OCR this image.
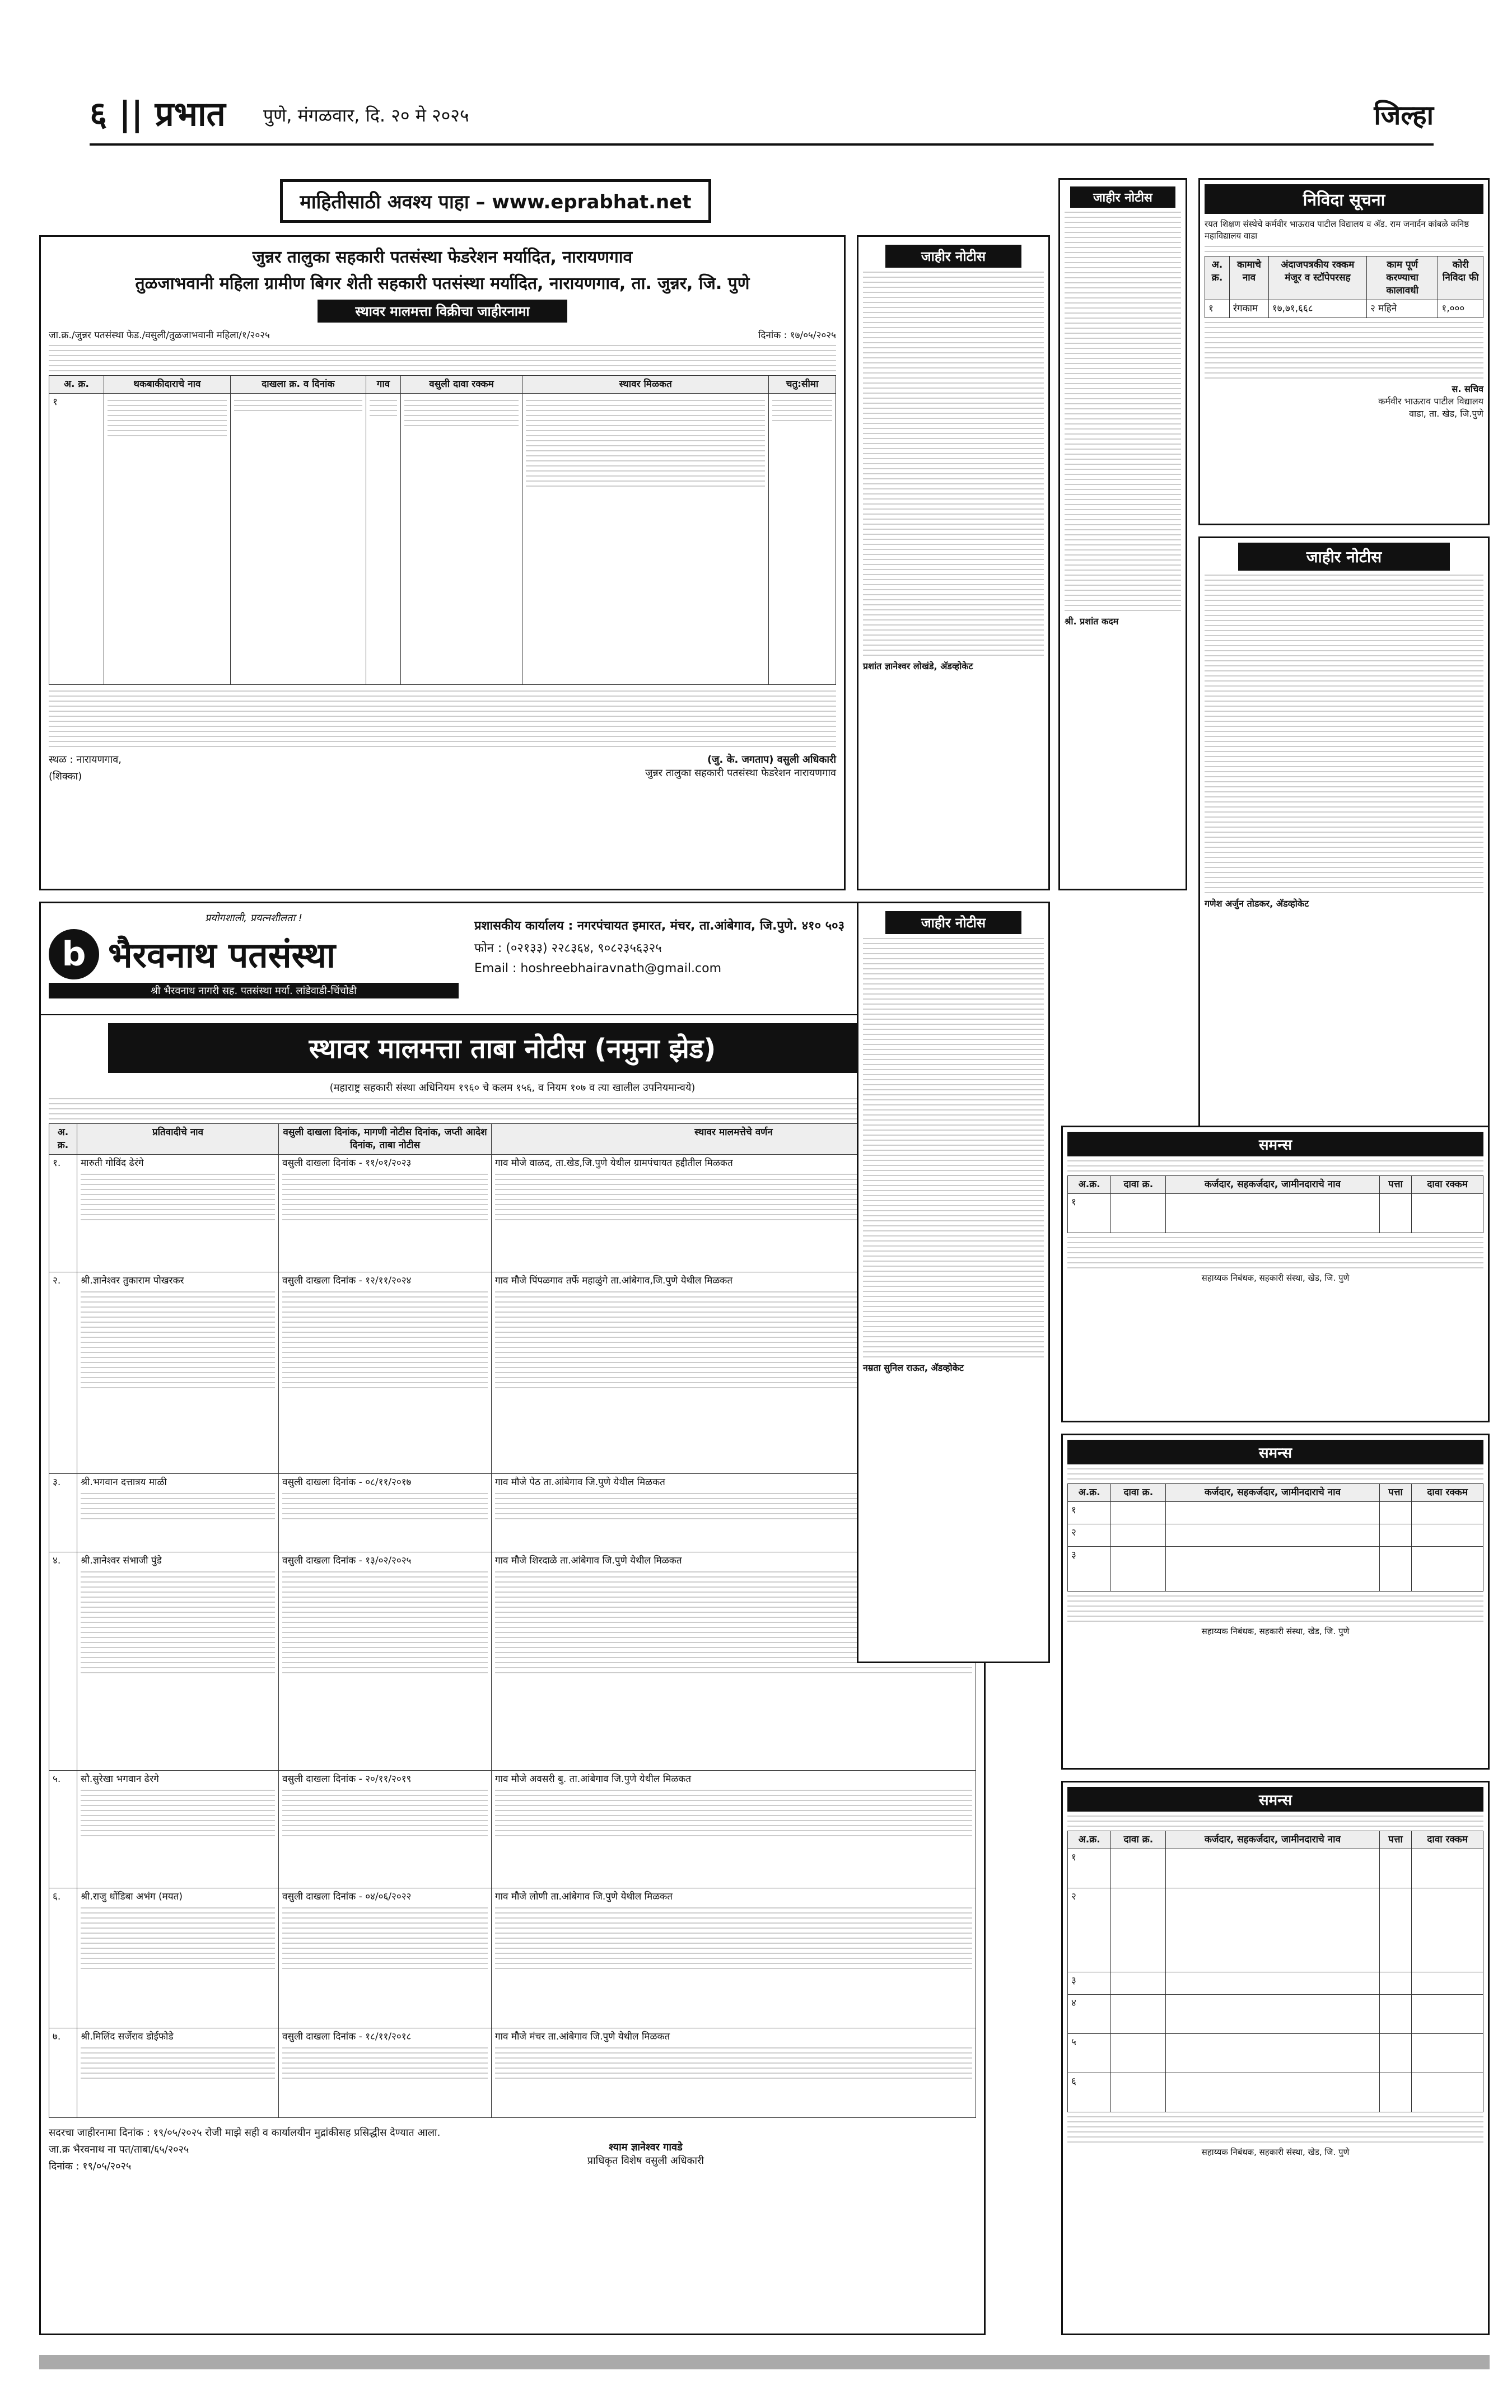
६ || प्रभात पुणे, मंगळवार, दि. २० मे २०२५	जिल्हा
माहितीसाठी अवश्य पाहा – www.eprabhat.net
जुन्नर तालुका सहकारी पतसंस्था फेडरेशन मर्यादित, नारायणगाव
तुळजाभवानी महिला ग्रामीण बिगर शेती सहकारी पतसंस्था मर्यादित, नारायणगाव, ता. जुन्नर, जि. पुणे
स्थावर मालमत्ता विक्रीचा जाहीरनामा
जा.क्र./जुन्नर पतसंस्था फेड./वसुली/तुळजाभवानी महिला/१/२०२५	दिनांक : १७/०५/२०२५
अ. क्र.	थकबाकीदाराचे नाव	दाखला क्र. व दिनांक	गाव	वसुली दावा रक्कम	स्थावर मिळकत	चतु:सीमा
१	

स्थळ : नारायणगाव,
(शिक्का)
(जु. के. जगताप) वसुली अधिकारी
जुन्नर तालुका सहकारी पतसंस्था फेडरेशन नारायणगाव
प्रयोगशाली, प्रयत्नशीलता !
b भैरवनाथ पतसंस्था
श्री भैरवनाथ नागरी सह. पतसंस्था मर्या. लांडेवाडी-चिंचोडी
प्रशासकीय कार्यालय : नगरपंचायत इमारत, मंचर, ता.आंबेगाव, जि.पुणे. ४१० ५०३
फोन : (०२१३३) २२८३६४, ९०८२३५६३२५
Email : hoshreebhairavnath@gmail.com
स्थावर मालमत्ता ताबा नोटीस (नमुना झेड)
(महाराष्ट्र सहकारी संस्था अधिनियम १९६० चे कलम १५६, व नियम १०७ व त्या खालील उपनियमान्वये)
अ. क्र.	प्रतिवादीचे नाव	वसुली दाखला दिनांक, मागणी नोटीस दिनांक, जप्ती आदेश दिनांक, ताबा नोटीस	स्थावर मालमत्तेचे वर्णन

१.	मारुती गोविंद ढेरंगे	वसुली दाखला दिनांक - ११/०१/२०२३	गाव मौजे वाळद, ता.खेड,जि.पुणे येथील ग्रामपंचायत हद्दीतील मिळकत

२.	श्री.ज्ञानेश्वर तुकाराम पोखरकर	वसुली दाखला दिनांक - १२/११/२०२४	गाव मौजे पिंपळगाव तर्फे महाळुंगे ता.आंबेगाव,जि.पुणे येथील मिळकत

३.	श्री.भगवान दत्तात्रय माळी	वसुली दाखला दिनांक - ०८/११/२०१७	गाव मौजे पेठ ता.आंबेगाव जि.पुणे येथील मिळकत

४.	श्री.ज्ञानेश्वर संभाजी पुंडे	वसुली दाखला दिनांक - १३/०२/२०२५	गाव मौजे शिरदाळे ता.आंबेगाव जि.पुणे येथील मिळकत

५.	सौ.सुरेखा भगवान ढेरगे	वसुली दाखला दिनांक - २०/११/२०१९	गाव मौजे अवसरी बु. ता.आंबेगाव जि.पुणे येथील मिळकत

६.	श्री.राजु धोंडिबा अभंग (मयत)	वसुली दाखला दिनांक - ०४/०६/२०२२	गाव मौजे लोणी ता.आंबेगाव जि.पुणे येथील मिळकत

७.	श्री.मिलिंद सर्जेराव डोईफोडे	वसुली दाखला दिनांक - १८/११/२०१८	गाव मौजे मंचर ता.आंबेगाव जि.पुणे येथील मिळकत
सदरचा जाहीरनामा दिनांक : १९/०५/२०२५ रोजी माझे सही व कार्यालयीन मुद्रांकीसह प्रसिद्धीस देण्यात आला.
जा.क्र भैरवनाथ ना पत/ताबा/६५/२०२५
दिनांक : १९/०५/२०२५
श्याम ज्ञानेश्वर गावडे
प्राधिकृत विशेष वसुली अधिकारी
जाहीर नोटीस
प्रशांत ज्ञानेश्वर लोखंडे, अ‍ॅडव्होकेट
जाहीर नोटीस
श्री. प्रशांत कदम
जाहीर नोटीस
नम्रता सुनिल राऊत, अ‍ॅडव्होकेट
निविदा सूचना
रयत शिक्षण संस्थेचे कर्मवीर भाऊराव पाटील विद्यालय व अ‍ॅड. राम जनार्दन कांबळे कनिष्ठ महाविद्यालय वाडा
अ. क्र.	कामाचे नाव	अंदाजपत्रकीय रक्कम मंजूर व स्टॉपेपरसह	काम पूर्ण करण्याचा कालावधी	कोरी निविदा फी
१	रंगकाम	१७,७१,६६८	२ महिने	१,०००
स. सचिव
कर्मवीर भाऊराव पाटील विद्यालय
वाडा, ता. खेड, जि.पुणे
जाहीर नोटीस
गणेश अर्जुन तोडकर, अ‍ॅडव्होकेट
समन्स
अ.क्र.	दावा क्र.	कर्जदार, सहकर्जदार, जामीनदाराचे नाव	पत्ता	दावा रक्कम
१				
सहाय्यक निबंधक, सहकारी संस्था, खेड, जि. पुणे
समन्स
अ.क्र.	दावा क्र.	कर्जदार, सहकर्जदार, जामीनदाराचे नाव	पत्ता	दावा रक्कम
१				
२				
३				
सहाय्यक निबंधक, सहकारी संस्था, खेड, जि. पुणे
समन्स
अ.क्र.	दावा क्र.	कर्जदार, सहकर्जदार, जामीनदाराचे नाव	पत्ता	दावा रक्कम
१				
२				
३				
४				
५				
६				
सहाय्यक निबंधक, सहकारी संस्था, खेड, जि. पुणे
